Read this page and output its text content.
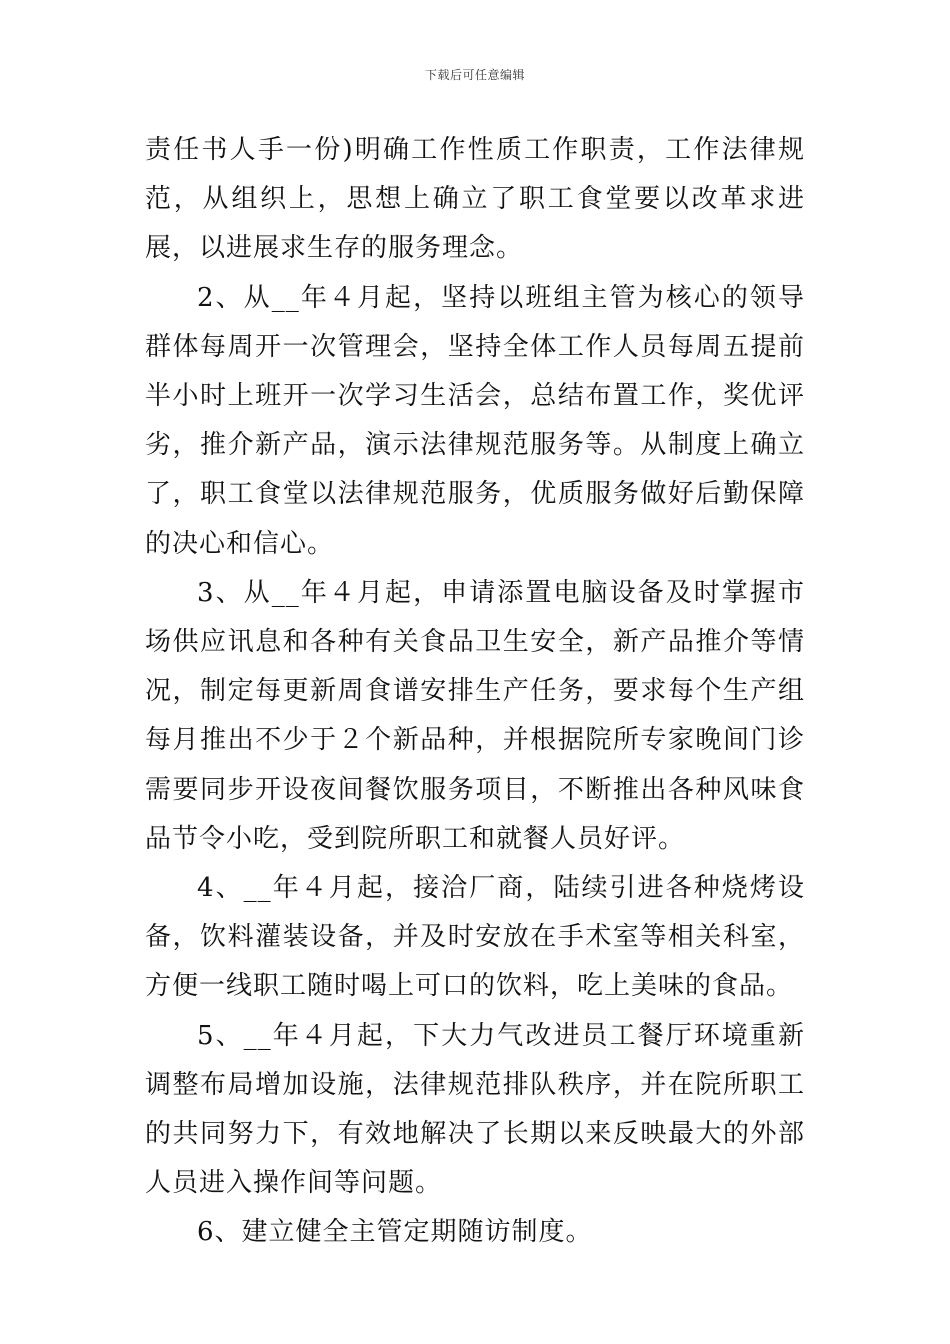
下载后可任意编辑

责任书人手一份)明确工作性质工作职责，工作法律规范，从组织上，思想上确立了职工食堂要以改革求进展，以进展求生存的服务理念。

2、从__年４月起，坚持以班组主管为核心的领导群体每周开一次管理会，坚持全体工作人员每周五提前半小时上班开一次学习生活会，总结布置工作，奖优评劣，推介新产品，演示法律规范服务等。从制度上确立了，职工食堂以法律规范服务，优质服务做好后勤保障的决心和信心。

3、从__年４月起，申请添置电脑设备及时掌握市场供应讯息和各种有关食品卫生安全，新产品推介等情况，制定每更新周食谱安排生产任务，要求每个生产组每月推出不少于２个新品种，并根据院所专家晚间门诊需要同步开设夜间餐饮服务项目，不断推出各种风味食品节令小吃，受到院所职工和就餐人员好评。

4、__年４月起，接洽厂商，陆续引进各种烧烤设备，饮料灌装设备，并及时安放在手术室等相关科室，方便一线职工随时喝上可口的饮料，吃上美味的食品。

5、__年４月起，下大力气改进员工餐厅环境重新调整布局增加设施，法律规范排队秩序，并在院所职工的共同努力下，有效地解决了长期以来反映最大的外部人员进入操作间等问题。

6、建立健全主管定期随访制度。
